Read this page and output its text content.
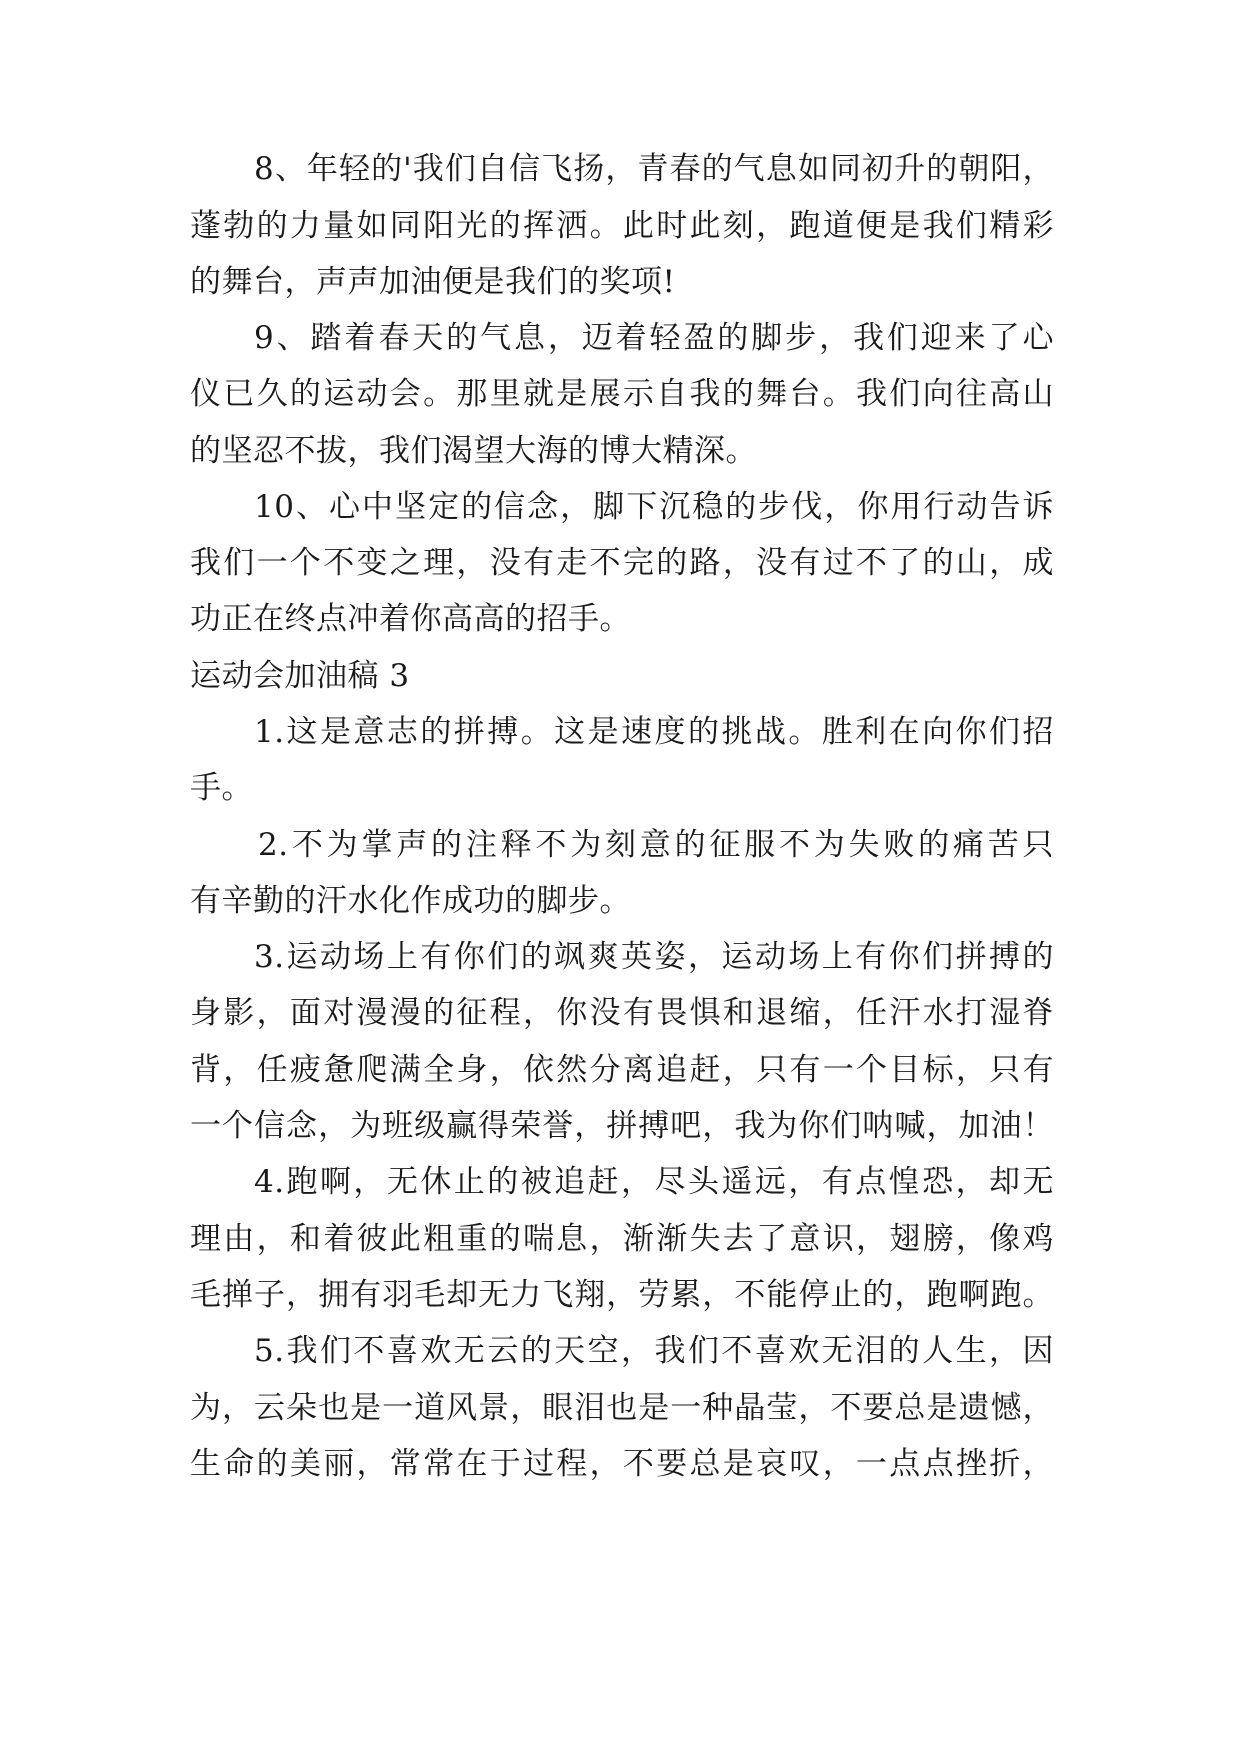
8、年轻的'我们自信飞扬，青春的气息如同初升的朝阳，
蓬勃的力量如同阳光的挥洒。此时此刻，跑道便是我们精彩
的舞台，声声加油便是我们的奖项!
9、踏着春天的气息，迈着轻盈的脚步，我们迎来了心
仪已久的运动会。那里就是展示自我的舞台。我们向往高山
的坚忍不拔，我们渴望大海的博大精深。
10、心中坚定的信念，脚下沉稳的步伐，你用行动告诉
我们一个不变之理，没有走不完的路，没有过不了的山，成
功正在终点冲着你高高的招手。
运动会加油稿 3
1.这是意志的拼搏。这是速度的挑战。胜利在向你们招
手。
2.不为掌声的注释不为刻意的征服不为失败的痛苦只
有辛勤的汗水化作成功的脚步。
3.运动场上有你们的飒爽英姿，运动场上有你们拼搏的
身影，面对漫漫的征程，你没有畏惧和退缩，任汗水打湿脊
背，任疲惫爬满全身，依然分离追赶，只有一个目标，只有
一个信念，为班级赢得荣誉，拼搏吧，我为你们呐喊，加油！
4.跑啊，无休止的被追赶，尽头遥远，有点惶恐，却无
理由，和着彼此粗重的喘息，渐渐失去了意识，翅膀，像鸡
毛掸子，拥有羽毛却无力飞翔，劳累，不能停止的，跑啊跑。
5.我们不喜欢无云的天空，我们不喜欢无泪的人生，因
为，云朵也是一道风景，眼泪也是一种晶莹，不要总是遗憾，
生命的美丽，常常在于过程，不要总是哀叹，一点点挫折，
